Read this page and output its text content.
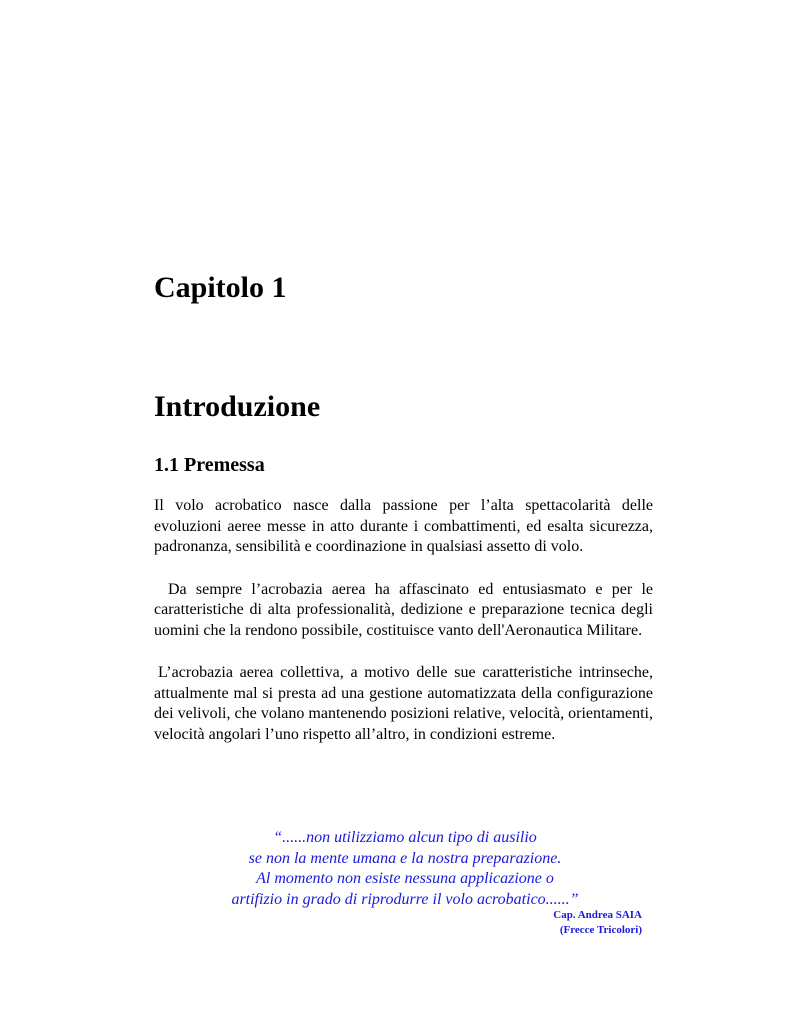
Capitolo 1
Introduzione
1.1 Premessa

Il volo acrobatico nasce dalla passione per l’alta spettacolarità delle evoluzioni aeree messe in atto durante i combattimenti, ed esalta sicurezza, padronanza, sensibilità e coordinazione in qualsiasi assetto di volo.

Da sempre l’acrobazia aerea ha affascinato ed entusiasmato e per le caratteristiche di alta professionalità, dedizione e preparazione tecnica degli uomini che la rendono possibile, costituisce vanto dell'Aeronautica Militare.

L’acrobazia aerea collettiva, a motivo delle sue caratteristiche intrinseche, attualmente mal si presta ad una gestione automatizzata della configurazione dei velivoli, che volano mantenendo posizioni relative, velocità, orientamenti, velocità angolari l’uno rispetto all’altro, in condizioni estreme.

“......non utilizziamo alcun tipo di ausilio
se non la mente umana e la nostra preparazione.
Al momento non esiste nessuna applicazione o
artifizio in grado di riprodurre il volo acrobatico......”
Cap. Andrea SAIA
(Frecce Tricolori)
